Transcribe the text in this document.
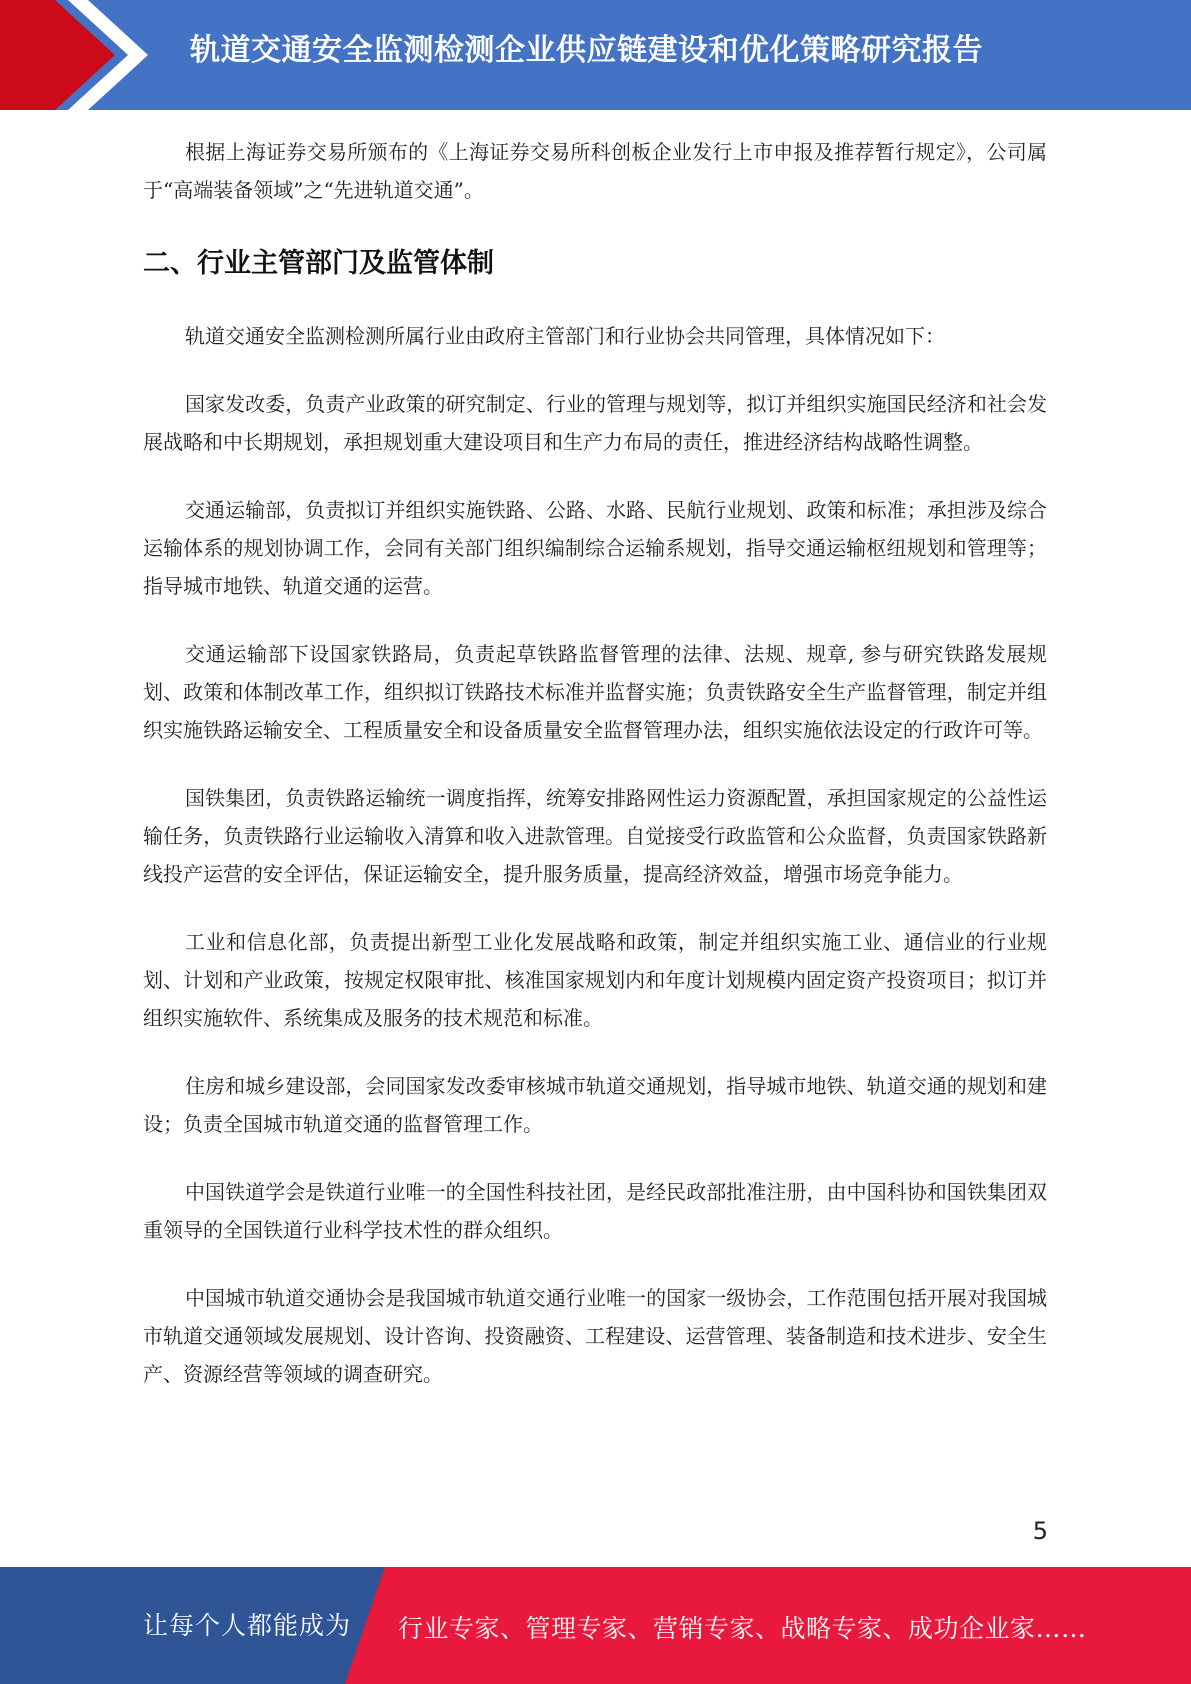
轨道交通安全监测检测企业供应链建设和优化策略研究报告

根据上海证券交易所颁布的《上海证券交易所科创板企业发行上市申报及推荐暂行规定》，公司属于“高端装备领域”之“先进轨道交通”。

二、行业主管部门及监管体制

轨道交通安全监测检测所属行业由政府主管部门和行业协会共同管理，具体情况如下：

国家发改委，负责产业政策的研究制定、行业的管理与规划等，拟订并组织实施国民经济和社会发展战略和中长期规划，承担规划重大建设项目和生产力布局的责任，推进经济结构战略性调整。

交通运输部，负责拟订并组织实施铁路、公路、水路、民航行业规划、政策和标准；承担涉及综合运输体系的规划协调工作，会同有关部门组织编制综合运输系规划，指导交通运输枢纽规划和管理等；指导城市地铁、轨道交通的运营。

交通运输部下设国家铁路局，负责起草铁路监督管理的法律、法规、规章, 参与研究铁路发展规划、政策和体制改革工作，组织拟订铁路技术标准并监督实施；负责铁路安全生产监督管理，制定并组织实施铁路运输安全、工程质量安全和设备质量安全监督管理办法，组织实施依法设定的行政许可等。

国铁集团，负责铁路运输统一调度指挥，统筹安排路网性运力资源配置，承担国家规定的公益性运输任务，负责铁路行业运输收入清算和收入进款管理。自觉接受行政监管和公众监督，负责国家铁路新线投产运营的安全评估，保证运输安全，提升服务质量，提高经济效益，增强市场竞争能力。

工业和信息化部，负责提出新型工业化发展战略和政策，制定并组织实施工业、通信业的行业规划、计划和产业政策，按规定权限审批、核准国家规划内和年度计划规模内固定资产投资项目；拟订并组织实施软件、系统集成及服务的技术规范和标准。

住房和城乡建设部，会同国家发改委审核城市轨道交通规划，指导城市地铁、轨道交通的规划和建设；负责全国城市轨道交通的监督管理工作。

中国铁道学会是铁道行业唯一的全国性科技社团，是经民政部批准注册，由中国科协和国铁集团双重领导的全国铁道行业科学技术性的群众组织。

中国城市轨道交通协会是我国城市轨道交通行业唯一的国家一级协会，工作范围包括开展对我国城市轨道交通领域发展规划、设计咨询、投资融资、工程建设、运营管理、装备制造和技术进步、安全生产、资源经营等领域的调查研究。

5
让每个人都能成为 行业专家、管理专家、营销专家、战略专家、成功企业家……
